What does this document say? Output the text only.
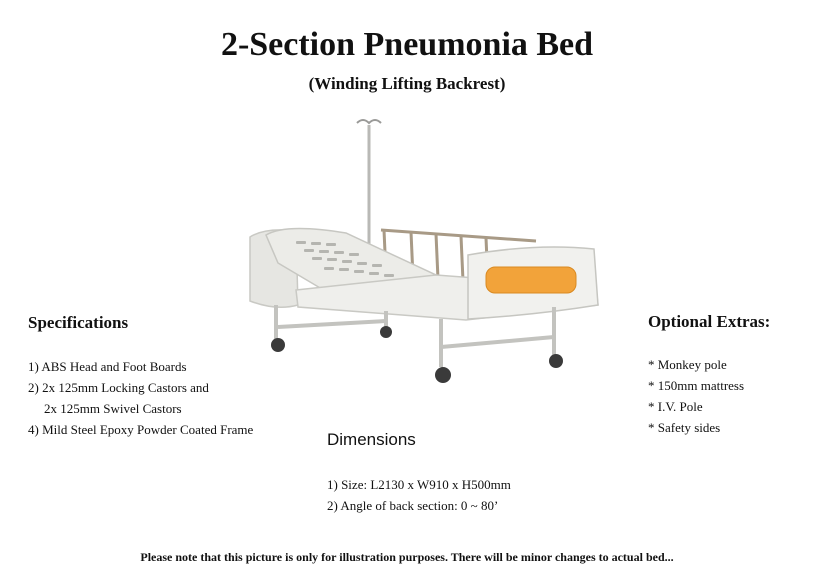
2-Section Pneumonia Bed
(Winding Lifting Backrest)
Specifications
1) ABS Head and Foot Boards
2) 2x 125mm Locking Castors and
2x 125mm Swivel Castors
4) Mild Steel Epoxy Powder Coated Frame
Optional Extras:
* Monkey pole
* 150mm mattress
* I.V. Pole
* Safety sides
Dimensions
1) Size: L2130 x W910 x H500mm
2) Angle of back section: 0 ~ 80’
Please note that this picture is only for illustration purposes. There will be minor changes to actual bed...
